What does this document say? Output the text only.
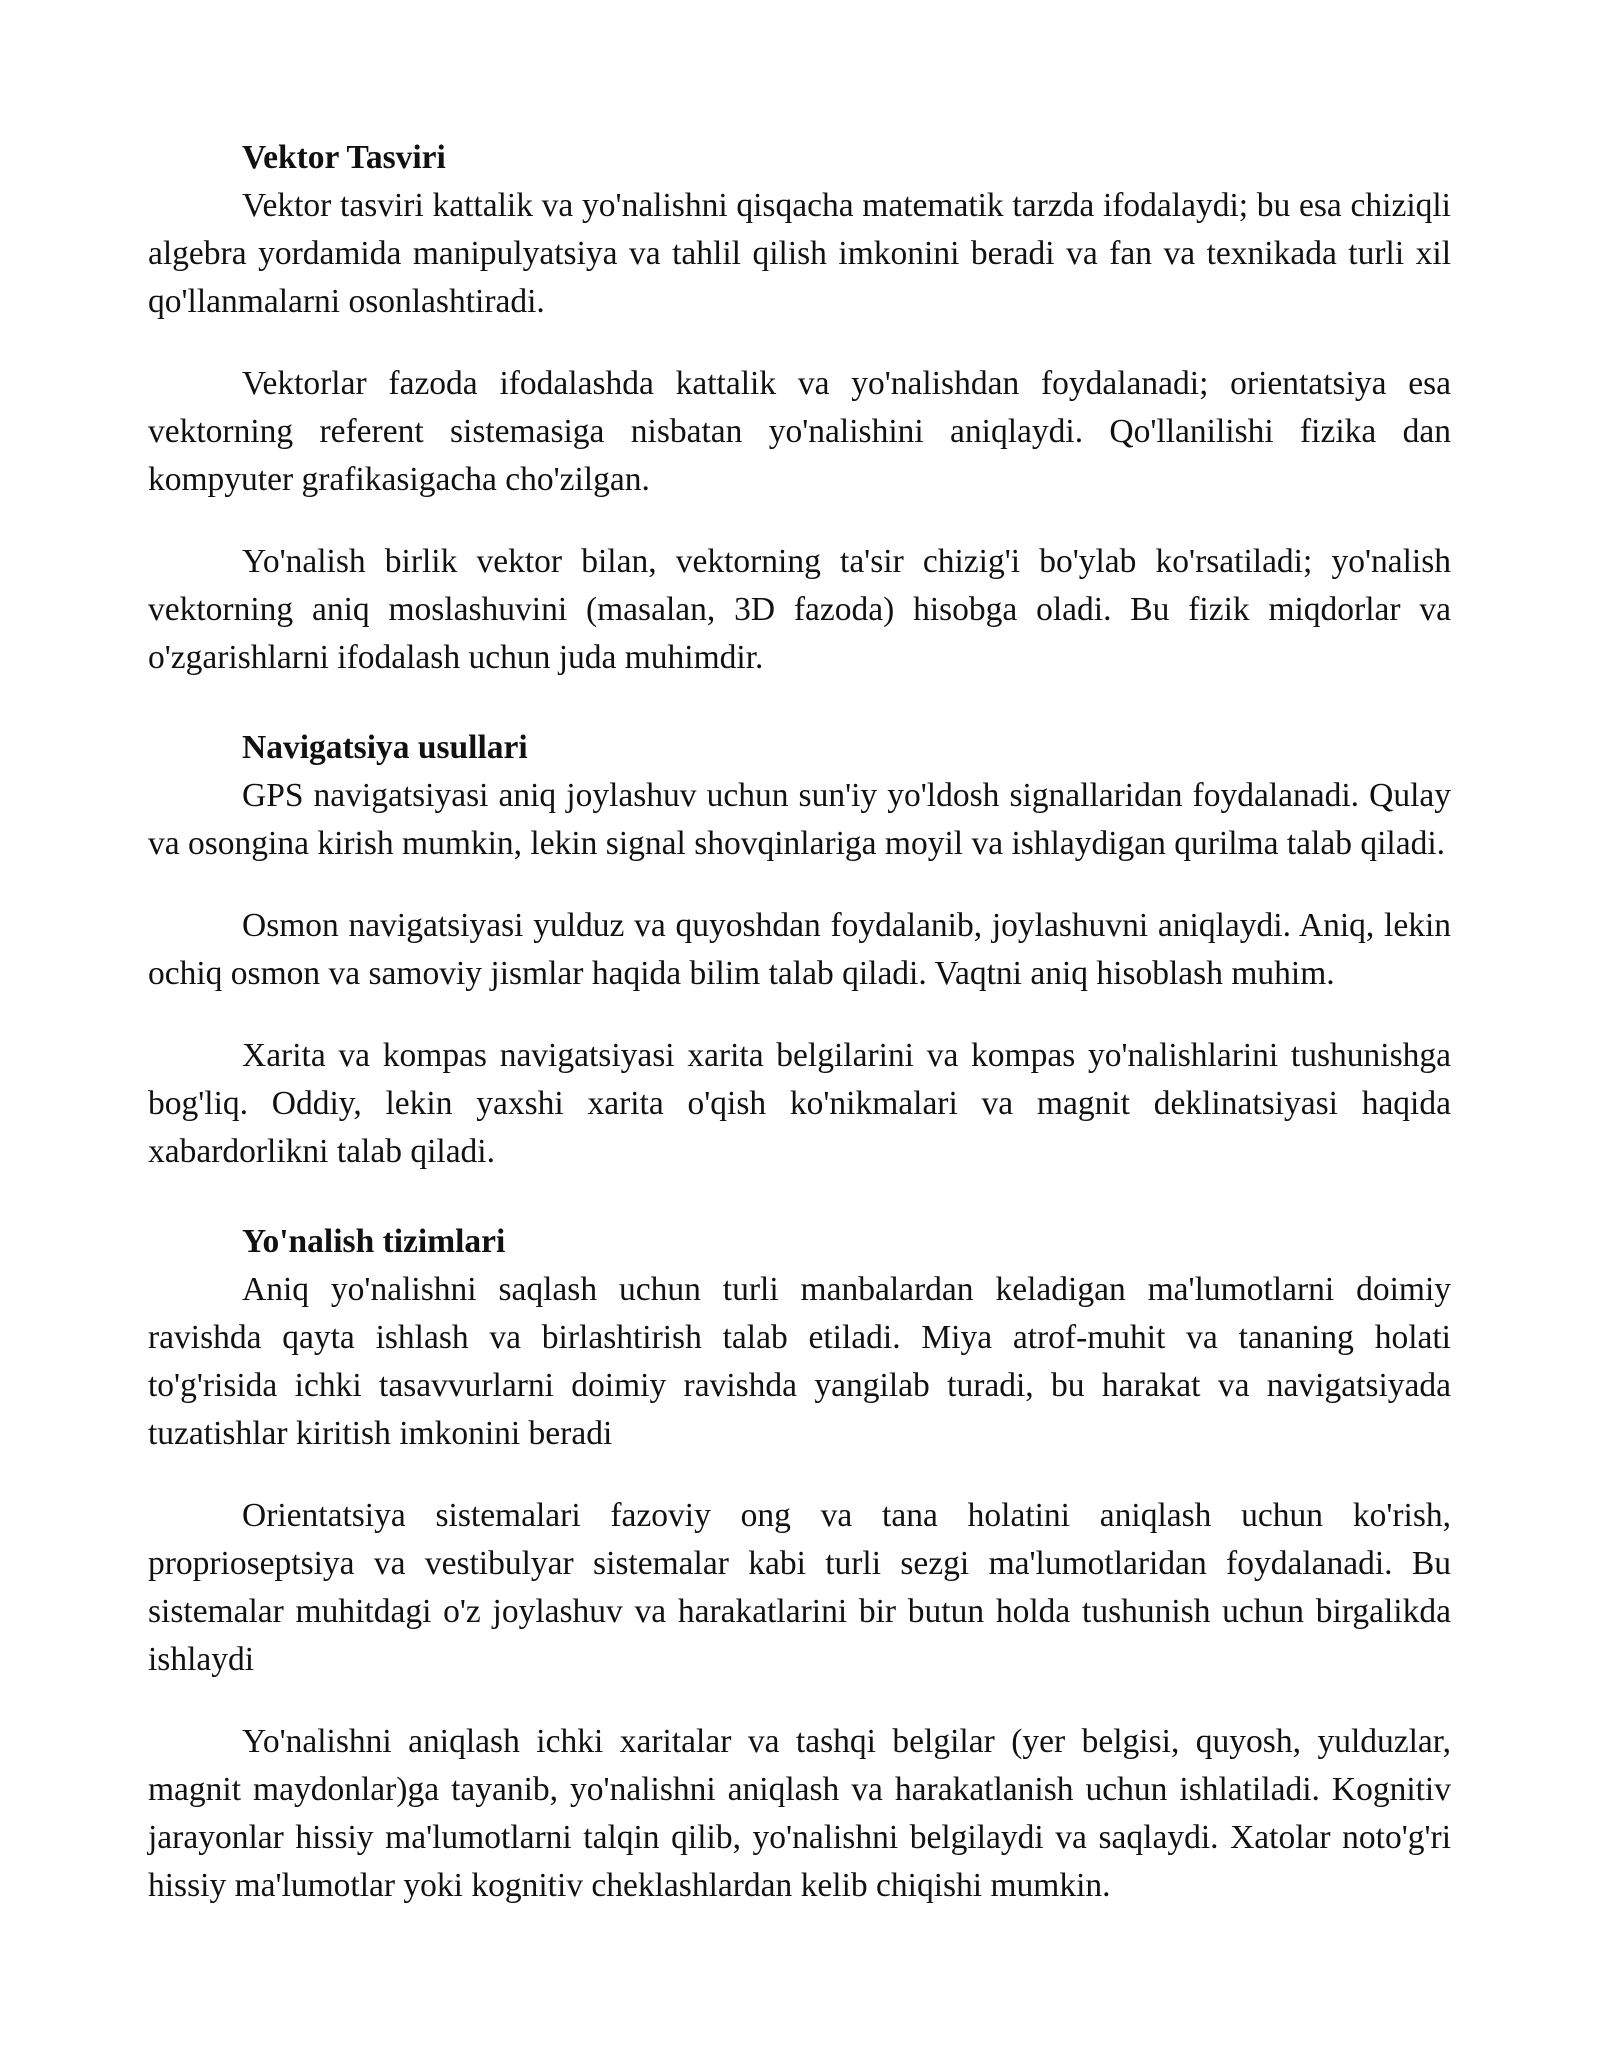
Vektor Tasviri

Vektor tasviri kattalik va yo'nalishni qisqacha matematik tarzda ifodalaydi; bu esa chiziqli algebra yordamida manipulyatsiya va tahlil qilish imkonini beradi va fan va texnikada turli xil qo'llanmalarni osonlashtiradi.

Vektorlar fazoda ifodalashda kattalik va yo'nalishdan foydalanadi; orientatsiya esa vektorning referent sistemasiga nisbatan yo'nalishini aniqlaydi. Qo'llanilishi fizika dan kompyuter grafikasigacha cho'zilgan.

Yo'nalish birlik vektor bilan, vektorning ta'sir chizig'i bo'ylab ko'rsatiladi; yo'nalish vektorning aniq moslashuvini (masalan, 3D fazoda) hisobga oladi. Bu fizik miqdorlar va o'zgarishlarni ifodalash uchun juda muhimdir.

Navigatsiya usullari

GPS navigatsiyasi aniq joylashuv uchun sun'iy yo'ldosh signallaridan foydalanadi. Qulay va osongina kirish mumkin, lekin signal shovqinlariga moyil va ishlaydigan qurilma talab qiladi.

Osmon navigatsiyasi yulduz va quyoshdan foydalanib, joylashuvni aniqlaydi. Aniq, lekin ochiq osmon va samoviy jismlar haqida bilim talab qiladi. Vaqtni aniq hisoblash muhim.

Xarita va kompas navigatsiyasi xarita belgilarini va kompas yo'nalishlarini tushunishga bog'liq. Oddiy, lekin yaxshi xarita o'qish ko'nikmalari va magnit deklinatsiyasi haqida xabardorlikni talab qiladi.

Yo'nalish tizimlari

Aniq yo'nalishni saqlash uchun turli manbalardan keladigan ma'lumotlarni doimiy ravishda qayta ishlash va birlashtirish talab etiladi. Miya atrof-muhit va tananing holati to'g'risida ichki tasavvurlarni doimiy ravishda yangilab turadi, bu harakat va navigatsiyada tuzatishlar kiritish imkonini beradi

Orientatsiya sistemalari fazoviy ong va tana holatini aniqlash uchun ko'rish, proprioseptsiya va vestibulyar sistemalar kabi turli sezgi ma'lumotlaridan foydalanadi. Bu sistemalar muhitdagi o'z joylashuv va harakatlarini bir butun holda tushunish uchun birgalikda ishlaydi

Yo'nalishni aniqlash ichki xaritalar va tashqi belgilar (yer belgisi, quyosh, yulduzlar, magnit maydonlar)ga tayanib, yo'nalishni aniqlash va harakatlanish uchun ishlatiladi. Kognitiv jarayonlar hissiy ma'lumotlarni talqin qilib, yo'nalishni belgilaydi va saqlaydi. Xatolar noto'g'ri hissiy ma'lumotlar yoki kognitiv cheklashlardan kelib chiqishi mumkin.
